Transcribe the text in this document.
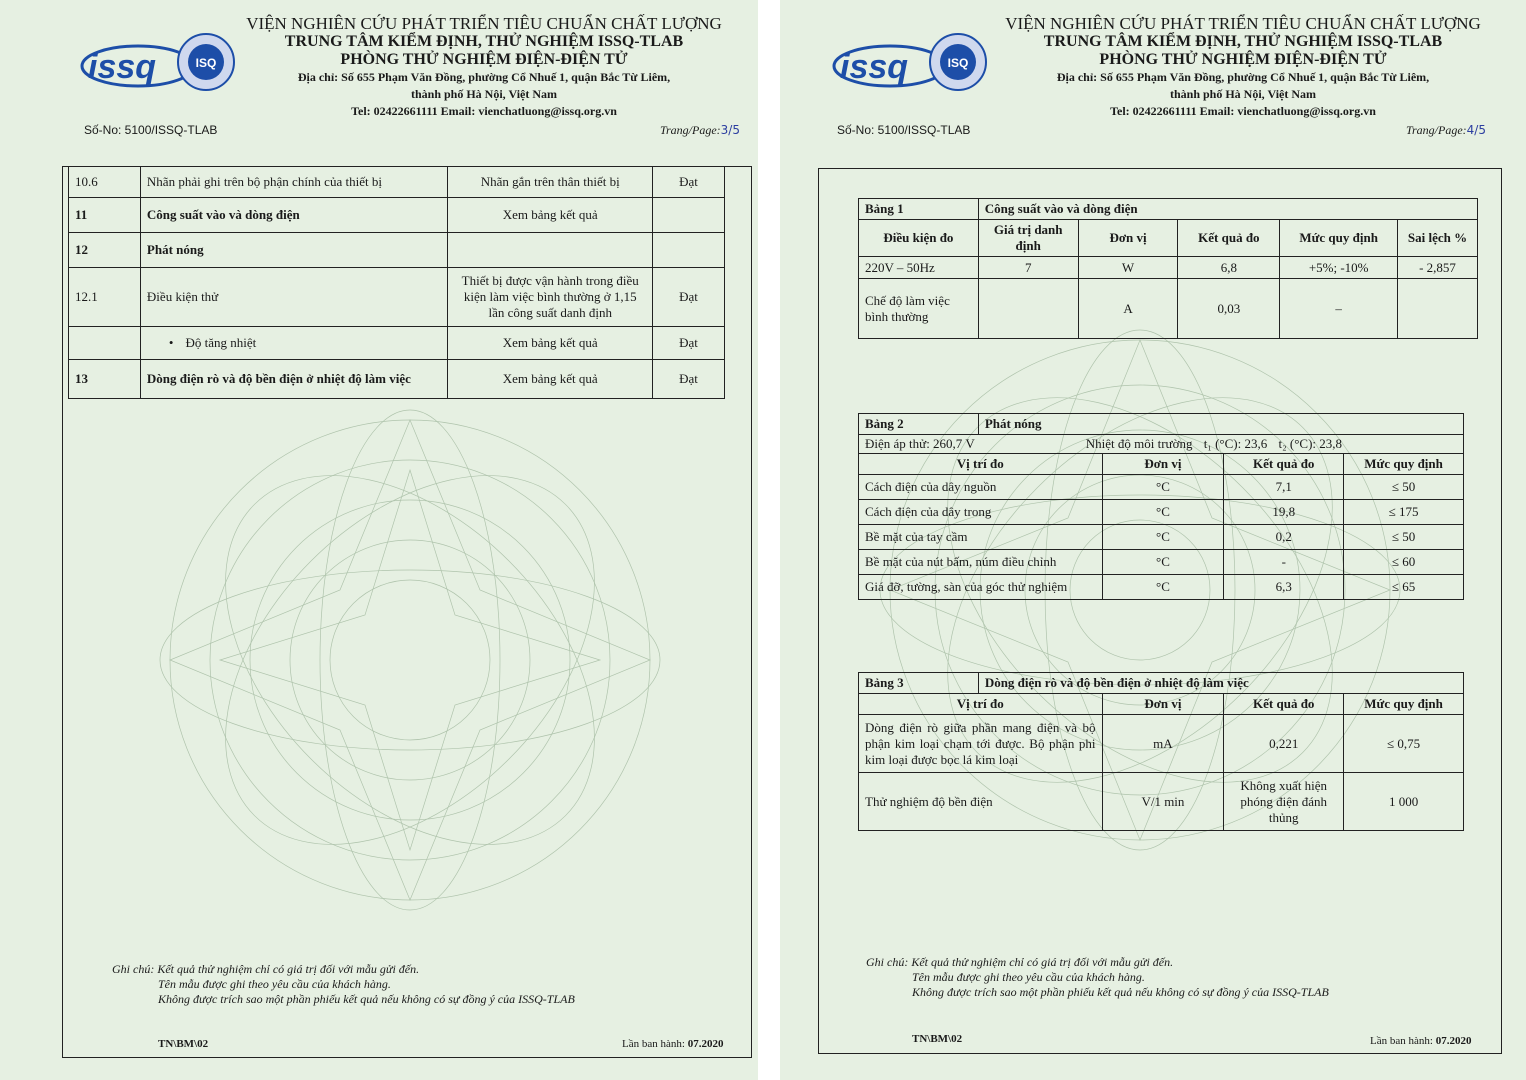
issq	ISQ
VIỆN NGHIÊN CỨU PHÁT TRIỂN TIÊU CHUẨN CHẤT LƯỢNG
TRUNG TÂM KIỂM ĐỊNH, THỬ NGHIỆM ISSQ-TLAB
PHÒNG THỬ NGHIỆM ĐIỆN-ĐIỆN TỬ
Địa chỉ: Số 655 Phạm Văn Đồng, phường Cổ Nhuế 1, quận Bắc Từ Liêm,
thành phố Hà Nội, Việt Nam
Tel: 02422661111 Email: vienchatluong@issq.org.vn
Số-No: 5100/ISSQ-TLAB	Trang/Page:3/5
10.6	Nhãn phải ghi trên bộ phận chính của thiết bị	Nhãn gắn trên thân thiết bị	Đạt
11	Công suất vào và dòng điện	Xem bảng kết quả	
12	Phát nóng		
12.1	Điều kiện thử	Thiết bị được vận hành trong điều kiện làm việc bình thường ở 1,15 lần công suất danh định	Đạt
	• Độ tăng nhiệt	Xem bảng kết quả	Đạt
13	Dòng điện rò và độ bền điện ở nhiệt độ làm việc	Xem bảng kết quả	Đạt
Ghi chú: Kết quả thử nghiệm chỉ có giá trị đối với mẫu gửi đến.
Tên mẫu được ghi theo yêu cầu của khách hàng.
Không được trích sao một phần phiếu kết quả nếu không có sự đồng ý của ISSQ-TLAB
TN\BM\02	Lần ban hành: 07.2020
issq	ISQ
VIỆN NGHIÊN CỨU PHÁT TRIỂN TIÊU CHUẨN CHẤT LƯỢNG
TRUNG TÂM KIỂM ĐỊNH, THỬ NGHIỆM ISSQ-TLAB
PHÒNG THỬ NGHIỆM ĐIỆN-ĐIỆN TỬ
Địa chỉ: Số 655 Phạm Văn Đồng, phường Cổ Nhuế 1, quận Bắc Từ Liêm,
thành phố Hà Nội, Việt Nam
Tel: 02422661111 Email: vienchatluong@issq.org.vn
Số-No: 5100/ISSQ-TLAB	Trang/Page:4/5
Bảng 1	Công suất vào và dòng điện				
Điều kiện đo	Giá trị danh định	Đơn vị	Kết quả đo	Mức quy định	Sai lệch %
220V – 50Hz	7	W	6,8	+5%; -10%	- 2,857
Chế độ làm việc bình thường		A	0,03	–	
Bảng 2	Phát nóng			
Điện áp thử: 260,7 V Nhiệt độ môi trường t₁ (°C): 23,6 t₂ (°C): 23,8				
Vị trí đo		Đơn vị	Kết quả đo	Mức quy định
Cách điện của dây nguồn		°C	7,1	≤ 50
Cách điện của dây trong		°C	19,8	≤ 175
Bề mặt của tay cầm		°C	0,2	≤ 50
Bề mặt của nút bấm, núm điều chỉnh		°C	-	≤ 60
Giá đỡ, tường, sàn của góc thử nghiệm		°C	6,3	≤ 65
Bảng 3	Dòng điện rò và độ bền điện ở nhiệt độ làm việc			
Vị trí đo		Đơn vị	Kết quả đo	Mức quy định
Dòng điện rò giữa phần mang điện và bộ phận kim loại chạm tới được. Bộ phận phi kim loại được bọc lá kim loại		mA	0,221	≤ 0,75
Thử nghiệm độ bền điện		V/1 min	Không xuất hiện phóng điện đánh thủng	1 000
Ghi chú: Kết quả thử nghiệm chỉ có giá trị đối với mẫu gửi đến.
Tên mẫu được ghi theo yêu cầu của khách hàng.
Không được trích sao một phần phiếu kết quả nếu không có sự đồng ý của ISSQ-TLAB
TN\BM\02	Lần ban hành: 07.2020
